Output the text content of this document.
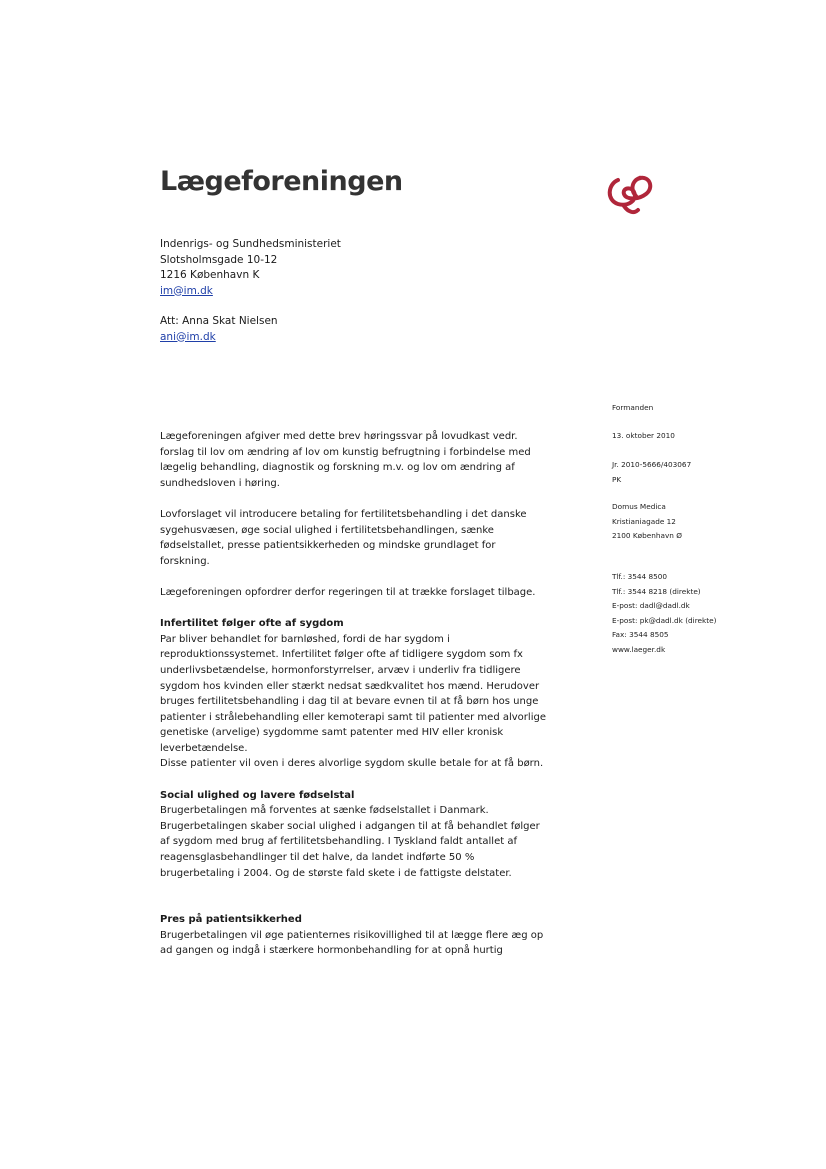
Lægeforeningen
Indenrigs- og Sundhedsministeriet
Slotsholmsgade 10-12
1216 København K
im@im.dk
Att: Anna Skat Nielsen
ani@im.dk
Formanden
13. oktober 2010
Jr. 2010-5666/403067
PK
Domus Medica
Kristianiagade 12
2100 København Ø
Tlf.: 3544 8500
Tlf.: 3544 8218 (direkte)
E-post: dadl@dadl.dk
E-post: pk@dadl.dk (direkte)
Fax: 3544 8505
www.laeger.dk
Lægeforeningen afgiver med dette brev høringssvar på lovudkast vedr.
forslag til lov om ændring af lov om kunstig befrugtning i forbindelse med
lægelig behandling, diagnostik og forskning m.v. og lov om ændring af
sundhedsloven i høring.
Lovforslaget vil introducere betaling for fertilitetsbehandling i det danske
sygehusvæsen, øge social ulighed i fertilitetsbehandlingen, sænke
fødselstallet, presse patientsikkerheden og mindske grundlaget for
forskning.
Lægeforeningen opfordrer derfor regeringen til at trække forslaget tilbage.
Infertilitet følger ofte af sygdom
Par bliver behandlet for barnløshed, fordi de har sygdom i
reproduktionssystemet. Infertilitet følger ofte af tidligere sygdom som fx
underlivsbetændelse, hormonforstyrrelser, arvæv i underliv fra tidligere
sygdom hos kvinden eller stærkt nedsat sædkvalitet hos mænd. Herudover
bruges fertilitetsbehandling i dag til at bevare evnen til at få børn hos unge
patienter i strålebehandling eller kemoterapi samt til patienter med alvorlige
genetiske (arvelige) sygdomme samt patenter med HIV eller kronisk
leverbetændelse.
Disse patienter vil oven i deres alvorlige sygdom skulle betale for at få børn.
Social ulighed og lavere fødselstal
Brugerbetalingen må forventes at sænke fødselstallet i Danmark.
Brugerbetalingen skaber social ulighed i adgangen til at få behandlet følger
af sygdom med brug af fertilitetsbehandling. I Tyskland faldt antallet af
reagensglasbehandlinger til det halve, da landet indførte 50 %
brugerbetaling i 2004. Og de største fald skete i de fattigste delstater.
Pres på patientsikkerhed
Brugerbetalingen vil øge patienternes risikovillighed til at lægge flere æg op
ad gangen og indgå i stærkere hormonbehandling for at opnå hurtig
